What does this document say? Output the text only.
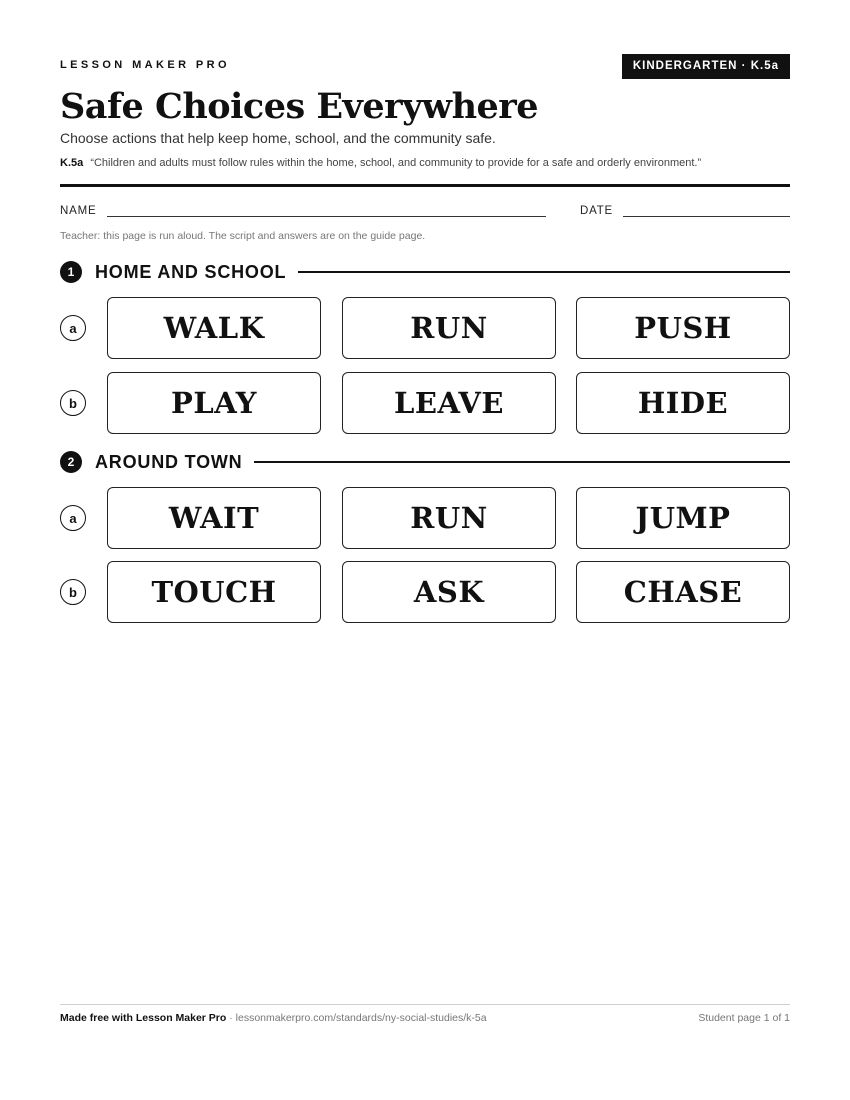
LESSON MAKER PRO	KINDERGARTEN · K.5a
Safe Choices Everywhere
Choose actions that help keep home, school, and the community safe.
K.5a “Children and adults must follow rules within the home, school, and community to provide for a safe and orderly environment.”
NAME	DATE
Teacher: this page is run aloud. The script and answers are on the guide page.
1	HOME AND SCHOOL
a	WALK	RUN	PUSH
b	PLAY	LEAVE	HIDE
2	AROUND TOWN
a	WAIT	RUN	JUMP
b	TOUCH	ASK	CHASE
Made free with Lesson Maker Pro · lessonmakerpro.com/standards/ny-social-studies/k-5a	Student page 1 of 1
